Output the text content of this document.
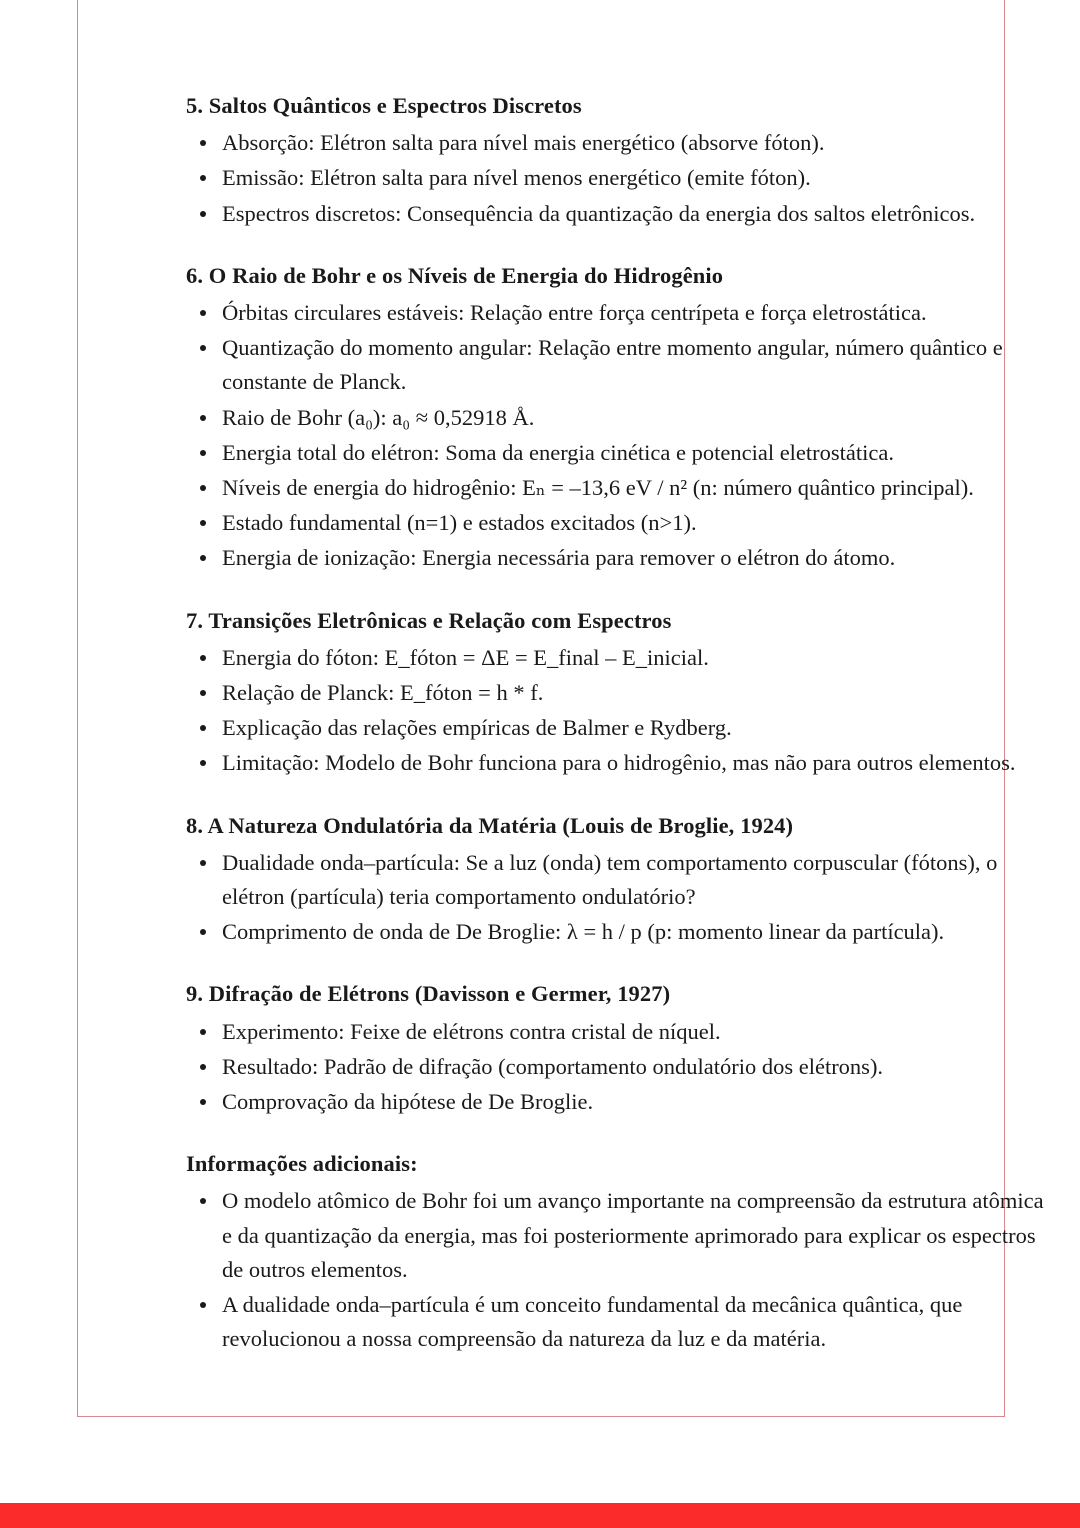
5. Saltos Quânticos e Espectros Discretos
Absorção: Elétron salta para nível mais energético (absorve fóton).
Emissão: Elétron salta para nível menos energético (emite fóton).
Espectros discretos: Consequência da quantização da energia dos saltos eletrônicos.
6. O Raio de Bohr e os Níveis de Energia do Hidrogênio
Órbitas circulares estáveis: Relação entre força centrípeta e força eletrostática.
Quantização do momento angular: Relação entre momento angular, número quântico e constante de Planck.
Raio de Bohr (a₀): a₀ ≈ 0,52918 Å.
Energia total do elétron: Soma da energia cinética e potencial eletrostática.
Níveis de energia do hidrogênio: Eₙ = –13,6 eV / n² (n: número quântico principal).
Estado fundamental (n=1) e estados excitados (n>1).
Energia de ionização: Energia necessária para remover o elétron do átomo.
7. Transições Eletrônicas e Relação com Espectros
Energia do fóton: E_fóton = ΔE = E_final – E_inicial.
Relação de Planck: E_fóton = h * f.
Explicação das relações empíricas de Balmer e Rydberg.
Limitação: Modelo de Bohr funciona para o hidrogênio, mas não para outros elementos.
8. A Natureza Ondulatória da Matéria (Louis de Broglie, 1924)
Dualidade onda–partícula: Se a luz (onda) tem comportamento corpuscular (fótons), o elétron (partícula) teria comportamento ondulatório?
Comprimento de onda de De Broglie: λ = h / p (p: momento linear da partícula).
9. Difração de Elétrons (Davisson e Germer, 1927)
Experimento: Feixe de elétrons contra cristal de níquel.
Resultado: Padrão de difração (comportamento ondulatório dos elétrons).
Comprovação da hipótese de De Broglie.
Informações adicionais:
O modelo atômico de Bohr foi um avanço importante na compreensão da estrutura atômica e da quantização da energia, mas foi posteriormente aprimorado para explicar os espectros de outros elementos.
A dualidade onda–partícula é um conceito fundamental da mecânica quântica, que revolucionou a nossa compreensão da natureza da luz e da matéria.
